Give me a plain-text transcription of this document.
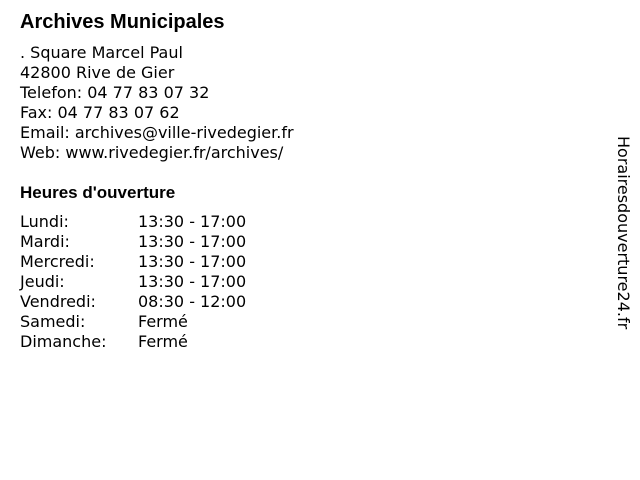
Archives Municipales
. Square Marcel Paul
42800 Rive de Gier
Telefon: 04 77 83 07 32
Fax: 04 77 83 07 62
Email: archives@ville-rivedegier.fr
Web: www.rivedegier.fr/archives/
Heures d'ouverture
Lundi:	13:30 - 17:00
Mardi:	13:30 - 17:00
Mercredi:	13:30 - 17:00
Jeudi:	13:30 - 17:00
Vendredi:	08:30 - 12:00
Samedi:	Fermé
Dimanche:	Fermé
Horairesdouverture24.fr
